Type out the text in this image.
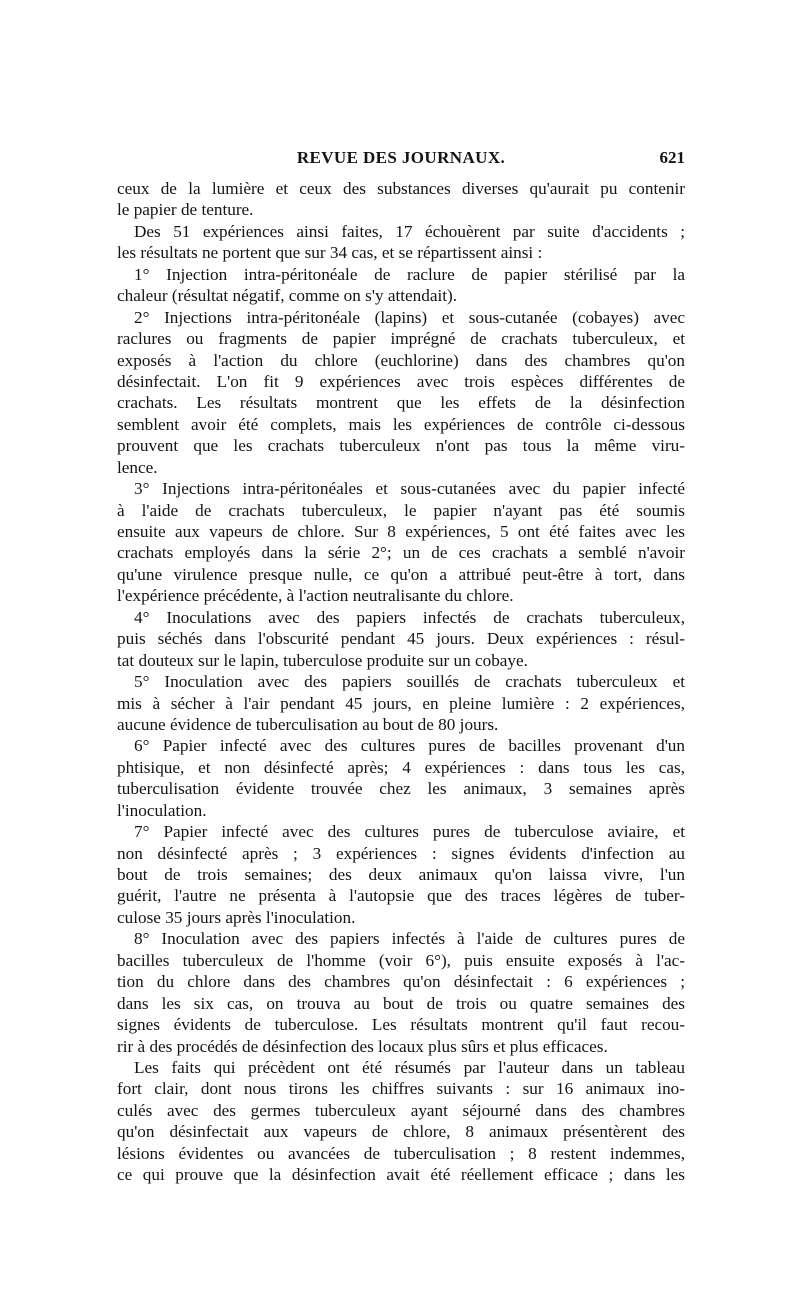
REVUE DES JOURNAUX.	621
ceux de la lumière et ceux des substances diverses qu'aurait pu contenir
le papier de tenture.
Des 51 expériences ainsi faites, 17 échouèrent par suite d'accidents ;
les résultats ne portent que sur 34 cas, et se répartissent ainsi :
1° Injection intra-péritonéale de raclure de papier stérilisé par la
chaleur (résultat négatif, comme on s'y attendait).
2° Injections intra-péritonéale (lapins) et sous-cutanée (cobayes) avec
raclures ou fragments de papier imprégné de crachats tuberculeux, et
exposés à l'action du chlore (euchlorine) dans des chambres qu'on
désinfectait. L'on fit 9 expériences avec trois espèces différentes de
crachats. Les résultats montrent que les effets de la désinfection
semblent avoir été complets, mais les expériences de contrôle ci-dessous
prouvent que les crachats tuberculeux n'ont pas tous la même viru-
lence.
3° Injections intra-péritonéales et sous-cutanées avec du papier infecté
à l'aide de crachats tuberculeux, le papier n'ayant pas été soumis
ensuite aux vapeurs de chlore. Sur 8 expériences, 5 ont été faites avec les
crachats employés dans la série 2°; un de ces crachats a semblé n'avoir
qu'une virulence presque nulle, ce qu'on a attribué peut-être à tort, dans
l'expérience précédente, à l'action neutralisante du chlore.
4° Inoculations avec des papiers infectés de crachats tuberculeux,
puis séchés dans l'obscurité pendant 45 jours. Deux expériences : résul-
tat douteux sur le lapin, tuberculose produite sur un cobaye.
5° Inoculation avec des papiers souillés de crachats tuberculeux et
mis à sécher à l'air pendant 45 jours, en pleine lumière : 2 expériences,
aucune évidence de tuberculisation au bout de 80 jours.
6° Papier infecté avec des cultures pures de bacilles provenant d'un
phtisique, et non désinfecté après; 4 expériences : dans tous les cas,
tuberculisation évidente trouvée chez les animaux, 3 semaines après
l'inoculation.
7° Papier infecté avec des cultures pures de tuberculose aviaire, et
non désinfecté après ; 3 expériences : signes évidents d'infection au
bout de trois semaines; des deux animaux qu'on laissa vivre, l'un
guérit, l'autre ne présenta à l'autopsie que des traces légères de tuber-
culose 35 jours après l'inoculation.
8° Inoculation avec des papiers infectés à l'aide de cultures pures de
bacilles tuberculeux de l'homme (voir 6°), puis ensuite exposés à l'ac-
tion du chlore dans des chambres qu'on désinfectait : 6 expériences ;
dans les six cas, on trouva au bout de trois ou quatre semaines des
signes évidents de tuberculose. Les résultats montrent qu'il faut recou-
rir à des procédés de désinfection des locaux plus sûrs et plus efficaces.
Les faits qui précèdent ont été résumés par l'auteur dans un tableau
fort clair, dont nous tirons les chiffres suivants : sur 16 animaux ino-
culés avec des germes tuberculeux ayant séjourné dans des chambres
qu'on désinfectait aux vapeurs de chlore, 8 animaux présentèrent des
lésions évidentes ou avancées de tuberculisation ; 8 restent indemmes,
ce qui prouve que la désinfection avait été réellement efficace ; dans les
